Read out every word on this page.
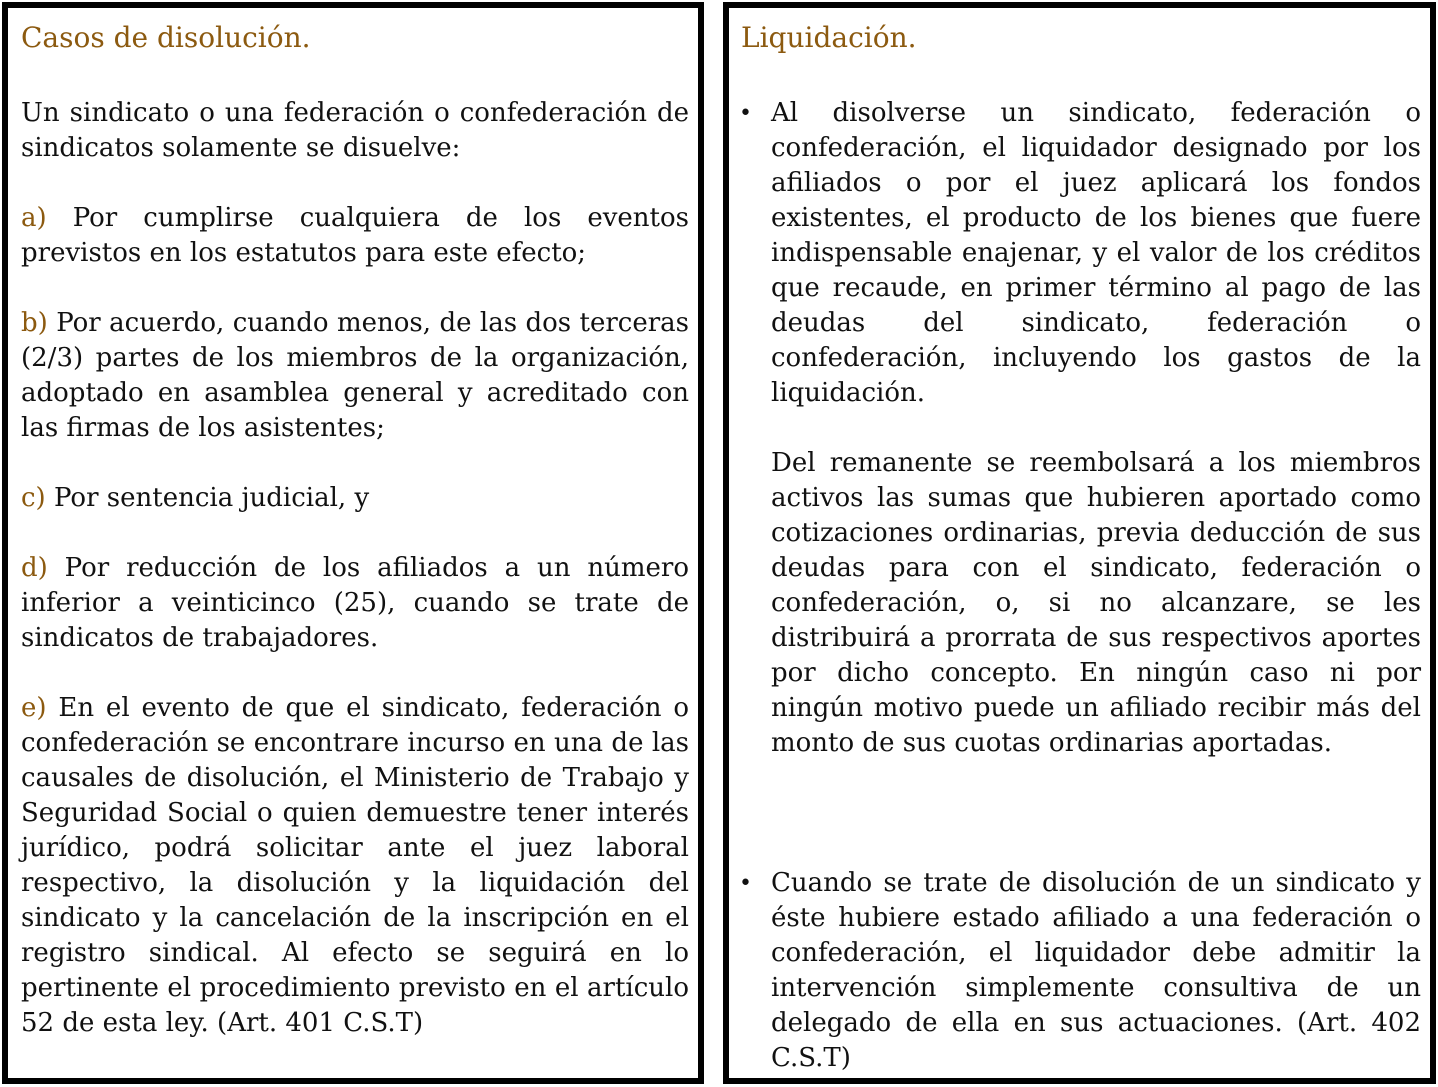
Casos de disolución.

Un sindicato o una federación o confederación de sindicatos solamente se disuelve:

a) Por cumplirse cualquiera de los eventos previstos en los estatutos para este efecto;

b) Por acuerdo, cuando menos, de las dos terceras (2/3) partes de los miembros de la organización, adoptado en asamblea general y acreditado con las firmas de los asistentes;

c) Por sentencia judicial, y

d) Por reducción de los afiliados a un número inferior a veinticinco (25), cuando se trate de sindicatos de trabajadores.

e) En el evento de que el sindicato, federación o confederación se encontrare incurso en una de las causales de disolución, el Ministerio de Trabajo y Seguridad Social o quien demuestre tener interés jurídico, podrá solicitar ante el juez laboral respectivo, la disolución y la liquidación del sindicato y la cancelación de la inscripción en el registro sindical. Al efecto se seguirá en lo pertinente el procedimiento previsto en el artículo 52 de esta ley. (Art. 401 C.S.T)

Liquidación.
• Al disolverse un sindicato, federación o confederación, el liquidador designado por los afiliados o por el juez aplicará los fondos existentes, el producto de los bienes que fuere indispensable enajenar, y el valor de los créditos que recaude, en primer término al pago de las deudas del sindicato, federación o confederación, incluyendo los gastos de la liquidación.

Del remanente se reembolsará a los miembros activos las sumas que hubieren aportado como cotizaciones ordinarias, previa deducción de sus deudas para con el sindicato, federación o confederación, o, si no alcanzare, se les distribuirá a prorrata de sus respectivos aportes por dicho concepto. En ningún caso ni por ningún motivo puede un afiliado recibir más del monto de sus cuotas ordinarias aportadas.

• Cuando se trate de disolución de un sindicato y éste hubiere estado afiliado a una federación o confederación, el liquidador debe admitir la intervención simplemente consultiva de un delegado de ella en sus actuaciones. (Art. 402 C.S.T)
